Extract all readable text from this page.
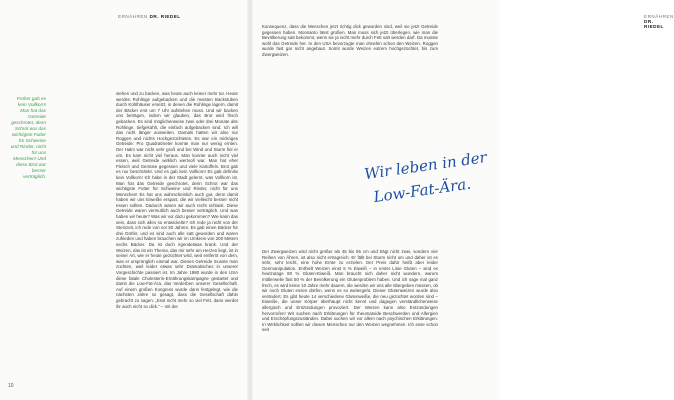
ERNÄHREN DR. RIEDEL
Früher gab es kein Vollkorn! Man hat das Getreide geschrotet, denn Schrot war das wichtigste Futter für Schweine und Rinder, nicht für uns Menschen! Und diese Brot war besser verträglich.

stehen und zu backen, was heute auch keiner mehr tut. Heute werden Rohlinge aufgebacken und die meisten Backstuben durch Kühlhäuser ersetzt, in denen die Rohlinge lagern, damit der Bäcker erst um 7 Uhr aufstehen muss. Und wir backen uns beträgen, indem wir glauben, das Brot wird frisch gebacken. Es sind möglicherweise zwei oder drei Monate alte Rohlinge, tiefgekühlt, die einfach aufgebacken sind. Ich will das nicht länger ausweiten. Damals hatten wir also nur Roggen und nichts Hochgezüchtetes. Es war ein mickriges Getreide: Pro Quadratmeter konnte man nur wenig ernten. Der Halm war nicht sehr groß und bei Wind und Sturm fiel er um. Es kam nicht viel heraus. Man konnte auch nicht viel essen, weil Getreide wirklich wertvoll war. Man hat eher Fleisch und Gemüse gegessen und viele Kartoffeln. Brot gab es nur beschränkt. Und es gab kein Vollkorn! Es gab definitiv kein Vollkorn! Ich habe in der Stadt gelernt, was Vollkorn ist. Man hat das Getreide geschrotet, denn Schrot war das wichtigste Futter für Schweine und Rinder, nicht für uns Menschen! Es hat uns wahrscheinlich auch gut, denn damit haben wir uns Eiweiße erspart, die wir vielleicht besser nicht essen sollten. Dadurch waren wir auch recht schlank. Diese Getreide waren vermutlich auch besser verträglich. Und was haben wir heute? Was wir vor dazu gekommen? Wie kann das sein, dass sich alles so entwickelte? Ich rede ja nicht von der Steinzeit, ich rede von vor 50 Jahren. Es gab einen Bäcker für drei Dörfer, und es sind auch alle satt geworden und waren zufrieden und haben brauchen wir im Umkreis von 200 Metern sechs Bäcker. Da ist doch irgendetwas krank. Und der Weizen, das ist ein Thema, das mir sehr am Herzen liegt, ist in seiner Art, wie er heute gezüchtet wird, weit entfernt von dem, was er ursprünglich einmal war. Dieses Getreide musste man züchten, weil leider etwas sehr Dramatisches in unserer Vorgeschichte passiert ist. Im Jahre 1980 wurde in den USA diese fatale Cholesterin-Ernährungskampagne gestartet und damit die Low-Fat-Ära, das Verderben unserer Gesellschaft. Auf einem großen Kongress wurde dann festgelegt, wie die nächsten Jahre so gesagt, dass die Gesellschaft dahin gebracht zu sagen: „Esst nicht mehr so viel Fett, dann werdet ihr auch nicht so dick.“ – mit der

10
ERNÄHREN DR. RIEDEL

Konsequenz, dass die Menschen jetzt richtig dick geworden sind, weil sie jetzt Getreide gegessen haben. Monsanto lässt grüßen. Man muss sich jetzt überlegen, wie man die Bevölkerung satt bekommt, wenn sie ja nicht mehr durch Fett satt werden darf. Da musste wohl das Getreide her. In den USA bevorzugte man ohnehin schon den Weizen, Roggen wurde fast gar nicht angebaut. Somit wurde Weizen extrem hochgezüchtet, bis zum Zwergweizen.

Wir leben in der
Low-Fat-Ära.

Der Zwergweizen wird nicht größer als 45 bis 55 cm und trägt nicht zwei, sondern vier Reihen von Ähren, ist also nicht ertragreich. Er fällt bei Sturm nicht um und daher ist es sehr, sehr leicht, eine hohe Ernte zu erzielen. Der Preis dafür heißt aber leider Genmanipulation. Enthielt Weizen einst 5 % Eiweiß – in erster Linie Gluten – sind es heutzutage 80 % Gluten-Eiweiß. Man braucht sich daher nicht wundern, warum mittlerweile fast 50 % der Bevölkerung ein Glutenproblem haben. Und ich sage mal ganz frech, es wird keine 10 Jahre mehr dauern, die werden wir uns alle übergeben müssen, ob wir noch Gluten essen dürfen, wenn es so weitergeht. Dieser Glutenweizen wurde also verändert. Es gibt heute 14 verschiedene Glutenweiße, die neu gezüchtet worden sind – Eiweiße, die unser Körper überhaupt nicht kennt und dagegen verständlicherweise allergisch und Entzündungen provoziert. Der Weizen kann also Entzündungen hervorrufen! Wir suchen nach Erklärungen für rheumatoide Beschwerden und Allergien und Erschöpfungszuständen. Dabei suchen wir vor allem nach psychischen Erklärungen. In Wirklichkeit sollten wir diesen Menschen nur den Weizen wegnehmen. Ich esse schon seit
